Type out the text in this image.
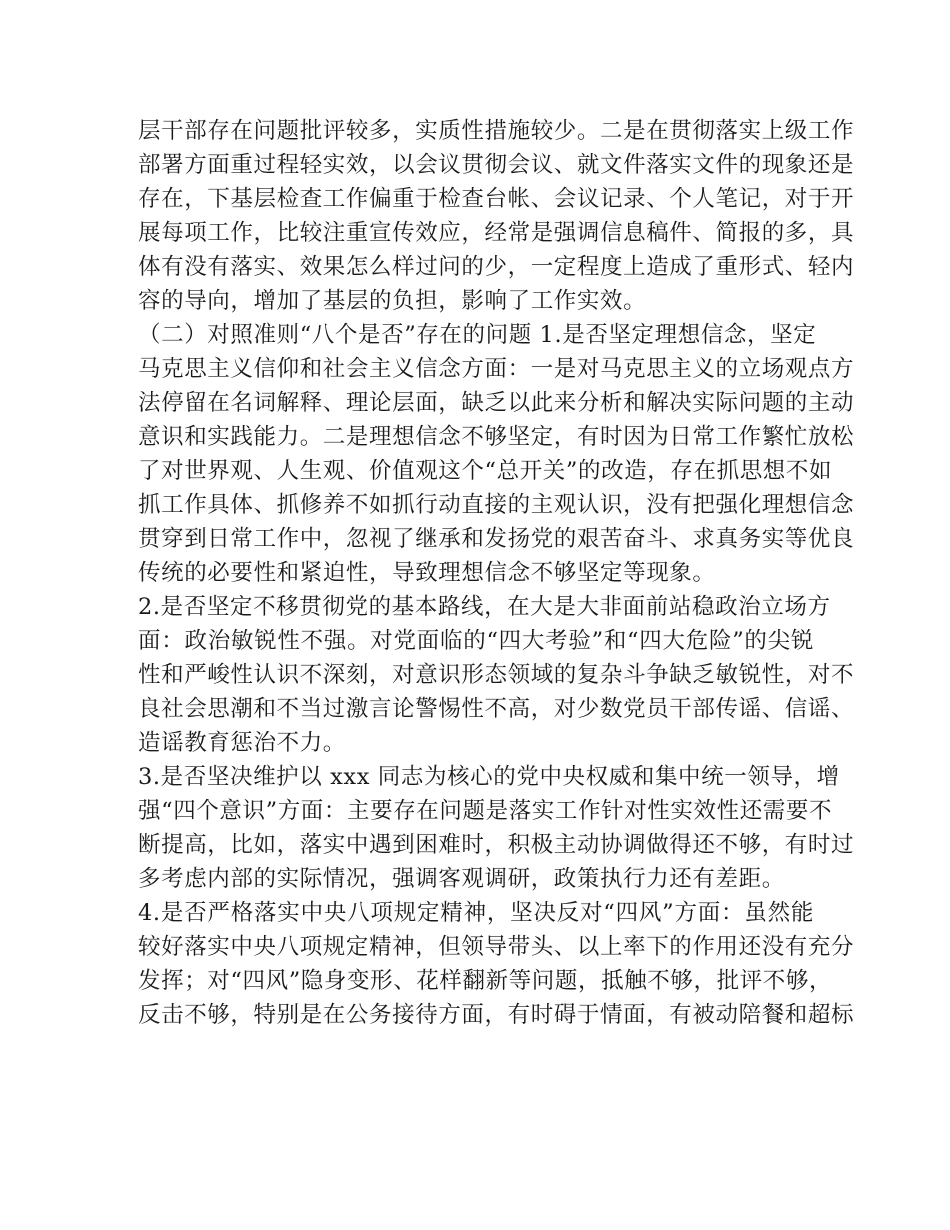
层干部存在问题批评较多，实质性措施较少。二是在贯彻落实上级工作
部署方面重过程轻实效，以会议贯彻会议、就文件落实文件的现象还是
存在，下基层检查工作偏重于检查台帐、会议记录、个人笔记，对于开
展每项工作，比较注重宣传效应，经常是强调信息稿件、简报的多，具
体有没有落实、效果怎么样过问的少，一定程度上造成了重形式、轻内
容的导向，增加了基层的负担，影响了工作实效。
（二）对照准则“八个是否”存在的问题 1.是否坚定理想信念，坚定
马克思主义信仰和社会主义信念方面：一是对马克思主义的立场观点方
法停留在名词解释、理论层面，缺乏以此来分析和解决实际问题的主动
意识和实践能力。二是理想信念不够坚定，有时因为日常工作繁忙放松
了对世界观、人生观、价值观这个“总开关”的改造，存在抓思想不如
抓工作具体、抓修养不如抓行动直接的主观认识，没有把强化理想信念
贯穿到日常工作中，忽视了继承和发扬党的艰苦奋斗、求真务实等优良
传统的必要性和紧迫性，导致理想信念不够坚定等现象。
2.是否坚定不移贯彻党的基本路线，在大是大非面前站稳政治立场方
面：政治敏锐性不强。对党面临的“四大考验”和“四大危险”的尖锐
性和严峻性认识不深刻，对意识形态领域的复杂斗争缺乏敏锐性，对不
良社会思潮和不当过激言论警惕性不高，对少数党员干部传谣、信谣、
造谣教育惩治不力。
3.是否坚决维护以 xxx 同志为核心的党中央权威和集中统一领导，增
强“四个意识”方面：主要存在问题是落实工作针对性实效性还需要不
断提高，比如，落实中遇到困难时，积极主动协调做得还不够，有时过
多考虑内部的实际情况，强调客观调研，政策执行力还有差距。
4.是否严格落实中央八项规定精神，坚决反对“四风”方面：虽然能
较好落实中央八项规定精神，但领导带头、以上率下的作用还没有充分
发挥；对“四风”隐身变形、花样翻新等问题，抵触不够，批评不够，
反击不够，特别是在公务接待方面，有时碍于情面，有被动陪餐和超标
